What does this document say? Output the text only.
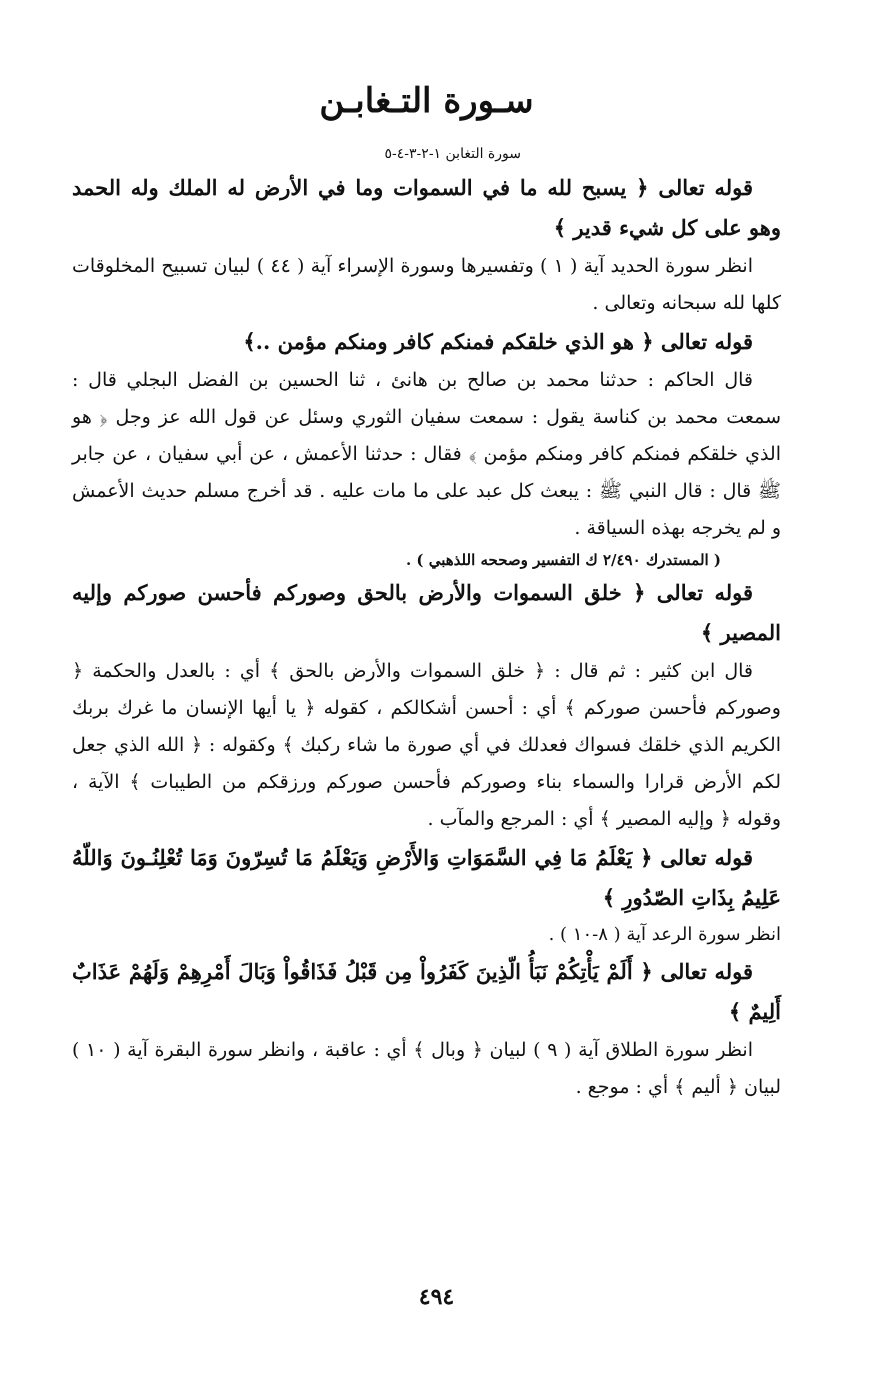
سـورة التـغابـن
سورة التغابن ١-٢-٣-٤-٥

قوله تعالى ﴿ يسبح لله ما في السموات وما في الأرض له الملك وله الحمد وهو على كل شيء قدير ﴾

انظر سورة الحديد آية ( ١ ) وتفسيرها وسورة الإسراء آية ( ٤٤ ) لبيان تسبيح المخلوقات كلها لله سبحانه وتعالى .

قوله تعالى ﴿ هو الذي خلقكم فمنكم كافر ومنكم مؤمن ..﴾

قال الحاكم : حدثنا محمد بن صالح بن هانئ ، ثنا الحسين بن الفضل البجلي قال : سمعت محمد بن كناسة يقول : سمعت سفيان الثوري وسئل عن قول الله عز وجل ﴿ هو الذي خلقكم فمنكم كافر ومنكم مؤمن ﴾ فقال : حدثنا الأعمش ، عن أبي سفيان ، عن جابر ﷺ قال : قال النبي ﷺ : يبعث كل عبد على ما مات عليه . قد أخرج مسلم حديث الأعمش و لم يخرجه بهذه السياقة .

( المستدرك ٢/٤٩٠ ك التفسير وصححه اللذهبي ) .

قوله تعالى ﴿ خلق السموات والأرض بالحق وصوركم فأحسن صوركم وإليه المصير ﴾

قال ابن كثير : ثم قال : ﴿ خلق السموات والأرض بالحق ﴾ أي : بالعدل والحكمة ﴿ وصوركم فأحسن صوركم ﴾ أي : أحسن أشكالكم ، كقوله ﴿ يا أيها الإنسان ما غرك بربك الكريم الذي خلقك فسواك فعدلك في أي صورة ما شاء ركبك ﴾ وكقوله : ﴿ الله الذي جعل لكم الأرض قرارا والسماء بناء وصوركم فأحسن صوركم ورزقكم من الطيبات ﴾ الآية ، وقوله ﴿ وإليه المصير ﴾ أي : المرجع والمآب .

قوله تعالى ﴿ يَعْلَمُ مَا فِي السَّمَوَاتِ وَالأَرْضِ وَيَعْلَمُ مَا تُسِرّونَ وَمَا تُعْلِنُـونَ وَاللّهُ عَلِيمُ بِذَاتِ الصّدُورِ ﴾

انظر سورة الرعد آية ( ٨-١٠ ) .

قوله تعالى ﴿ أَلَمْ يَأْتِكُمْ نَبَأُ الّذِينَ كَفَرُواْ مِن قَبْلُ فَذَاقُواْ وَبَالَ أَمْرِهِمْ وَلَهُمْ عَذَابٌ أَلِيمٌ ﴾

انظر سورة الطلاق آية ( ٩ ) لبيان ﴿ وبال ﴾ أي : عاقبة ، وانظر سورة البقرة آية ( ١٠ ) لبيان ﴿ أليم ﴾ أي : موجع .

٤٩٤
